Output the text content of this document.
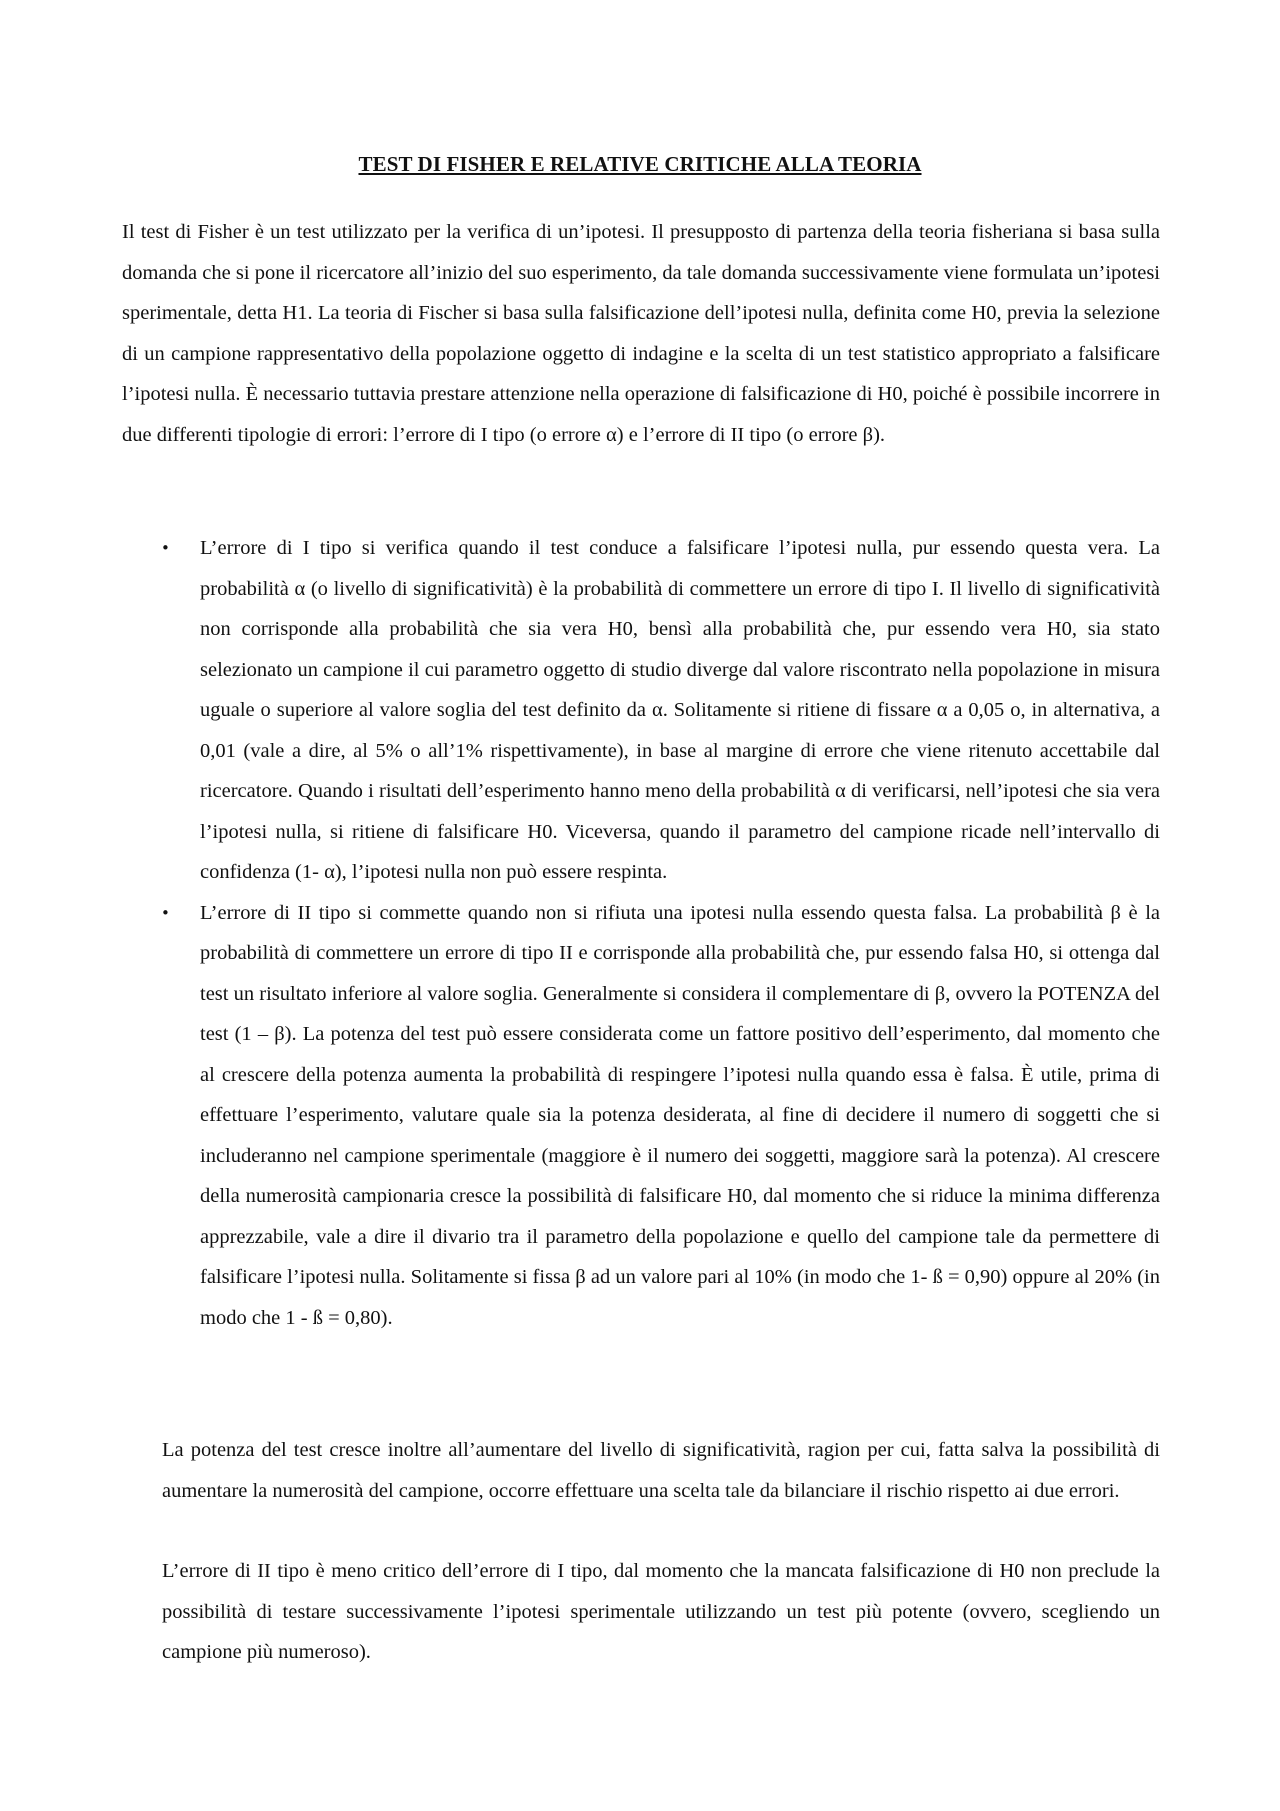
TEST DI FISHER E RELATIVE CRITICHE ALLA TEORIA

Il test di Fisher è un test utilizzato per la verifica di un’ipotesi. Il presupposto di partenza della teoria fisheriana si basa sulla domanda che si pone il ricercatore all’inizio del suo esperimento, da tale domanda successivamente viene formulata un’ipotesi sperimentale, detta H1. La teoria di Fischer si basa sulla falsificazione dell’ipotesi nulla, definita come H0, previa la selezione di un campione rappresentativo della popolazione oggetto di indagine e la scelta di un test statistico appropriato a falsificare l’ipotesi nulla. È necessario tuttavia prestare attenzione nella operazione di falsificazione di H0, poiché è possibile incorrere in due differenti tipologie di errori: l’errore di I tipo (o errore α) e l’errore di II tipo (o errore β).

• L’errore di I tipo si verifica quando il test conduce a falsificare l’ipotesi nulla, pur essendo questa vera. La probabilità α (o livello di significatività) è la probabilità di commettere un errore di tipo I. Il livello di significatività non corrisponde alla probabilità che sia vera H0, bensì alla probabilità che, pur essendo vera H0, sia stato selezionato un campione il cui parametro oggetto di studio diverge dal valore riscontrato nella popolazione in misura uguale o superiore al valore soglia del test definito da α. Solitamente si ritiene di fissare α a 0,05 o, in alternativa, a 0,01 (vale a dire, al 5% o all’1% rispettivamente), in base al margine di errore che viene ritenuto accettabile dal ricercatore. Quando i risultati dell’esperimento hanno meno della probabilità α di verificarsi, nell’ipotesi che sia vera l’ipotesi nulla, si ritiene di falsificare H0. Viceversa, quando il parametro del campione ricade nell’intervallo di confidenza (1- α), l’ipotesi nulla non può essere respinta.
• L’errore di II tipo si commette quando non si rifiuta una ipotesi nulla essendo questa falsa. La probabilità β è la probabilità di commettere un errore di tipo II e corrisponde alla probabilità che, pur essendo falsa H0, si ottenga dal test un risultato inferiore al valore soglia. Generalmente si considera il complementare di β, ovvero la POTENZA del test (1 – β). La potenza del test può essere considerata come un fattore positivo dell’esperimento, dal momento che al crescere della potenza aumenta la probabilità di respingere l’ipotesi nulla quando essa è falsa. È utile, prima di effettuare l’esperimento, valutare quale sia la potenza desiderata, al fine di decidere il numero di soggetti che si includeranno nel campione sperimentale (maggiore è il numero dei soggetti, maggiore sarà la potenza). Al crescere della numerosità campionaria cresce la possibilità di falsificare H0, dal momento che si riduce la minima differenza apprezzabile, vale a dire il divario tra il parametro della popolazione e quello del campione tale da permettere di falsificare l’ipotesi nulla. Solitamente si fissa β ad un valore pari al 10% (in modo che 1- ß = 0,90) oppure al 20% (in modo che 1 - ß = 0,80).

La potenza del test cresce inoltre all’aumentare del livello di significatività, ragion per cui, fatta salva la possibilità di aumentare la numerosità del campione, occorre effettuare una scelta tale da bilanciare il rischio rispetto ai due errori.

L’errore di II tipo è meno critico dell’errore di I tipo, dal momento che la mancata falsificazione di H0 non preclude la possibilità di testare successivamente l’ipotesi sperimentale utilizzando un test più potente (ovvero, scegliendo un campione più numeroso).
